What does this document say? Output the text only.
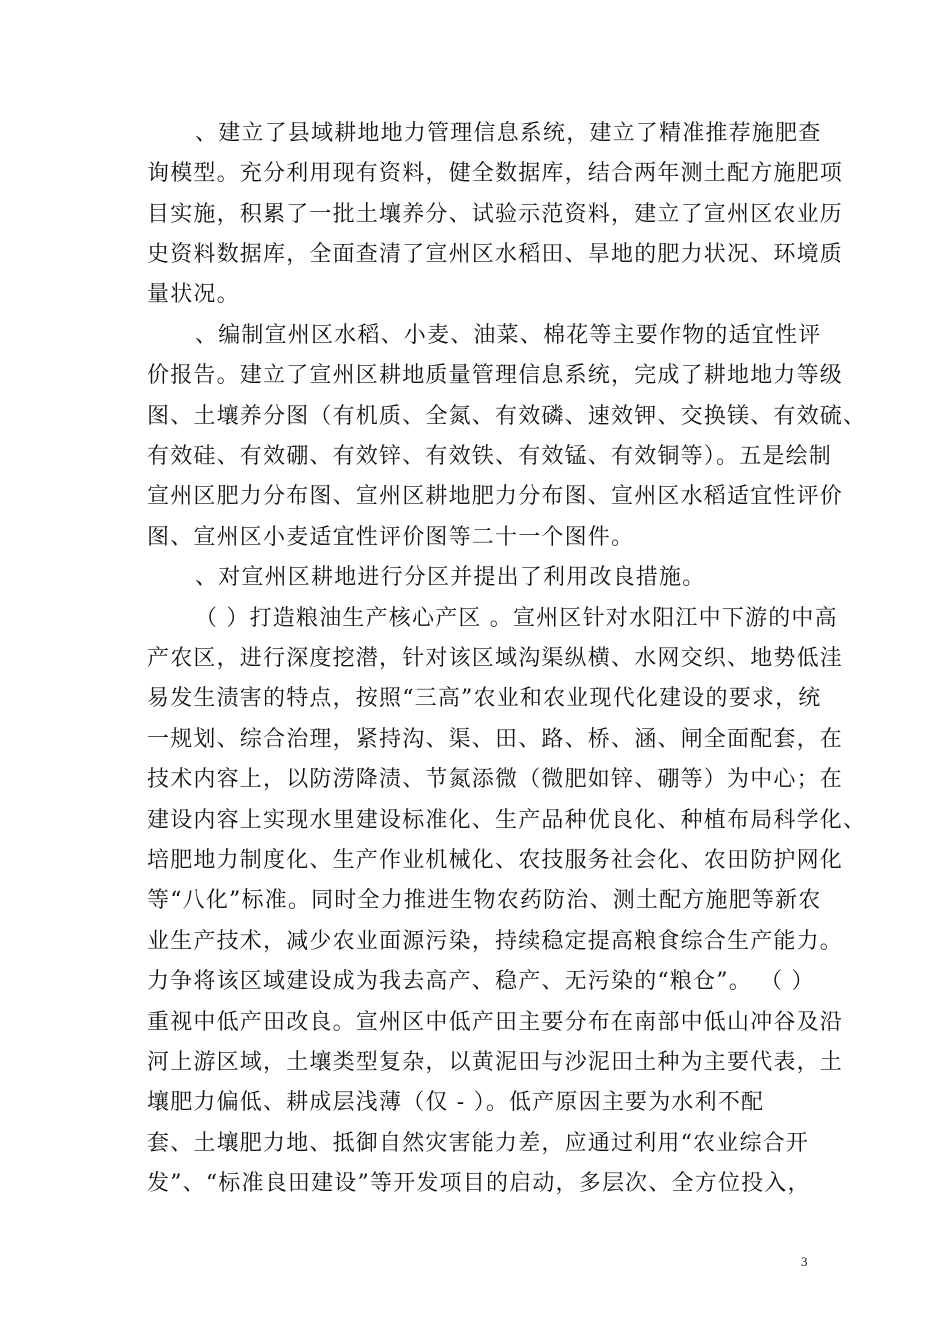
、建立了县域耕地地力管理信息系统，建立了精准推荐施肥查
询模型。充分利用现有资料，健全数据库，结合两年测土配方施肥项
目实施，积累了一批土壤养分、试验示范资料，建立了宣州区农业历
史资料数据库，全面查清了宣州区水稻田、旱地的肥力状况、环境质
量状况。
、编制宣州区水稻、小麦、油菜、棉花等主要作物的适宜性评
价报告。建立了宣州区耕地质量管理信息系统，完成了耕地地力等级
图、土壤养分图（有机质、全氮、有效磷、速效钾、交换镁、有效硫、
有效硅、有效硼、有效锌、有效铁、有效锰、有效铜等）。五是绘制
宣州区肥力分布图、宣州区耕地肥力分布图、宣州区水稻适宜性评价
图、宣州区小麦适宜性评价图等二十一个图件。
、对宣州区耕地进行分区并提出了利用改良措施。
（ ）打造粮油生产核心产区 。宣州区针对水阳江中下游的中高
产农区，进行深度挖潜，针对该区域沟渠纵横、水网交织、地势低洼
易发生渍害的特点，按照“三高”农业和农业现代化建设的要求，统
一规划、综合治理，紧持沟、渠、田、路、桥、涵、闸全面配套，在
技术内容上，以防涝降渍、节氮添微（微肥如锌、硼等）为中心；在
建设内容上实现水里建设标准化、生产品种优良化、种植布局科学化、
培肥地力制度化、生产作业机械化、农技服务社会化、农田防护网化
等“八化”标准。同时全力推进生物农药防治、测土配方施肥等新农
业生产技术，减少农业面源污染，持续稳定提高粮食综合生产能力。
力争将该区域建设成为我去高产、稳产、无污染的“粮仓”。 （ ）
重视中低产田改良。宣州区中低产田主要分布在南部中低山冲谷及沿
河上游区域，土壤类型复杂，以黄泥田与沙泥田土种为主要代表，土
壤肥力偏低、耕成层浅薄（仅 - ）。低产原因主要为水利不配
套、土壤肥力地、抵御自然灾害能力差，应通过利用“农业综合开
发”、“标准良田建设”等开发项目的启动，多层次、全方位投入，
3
